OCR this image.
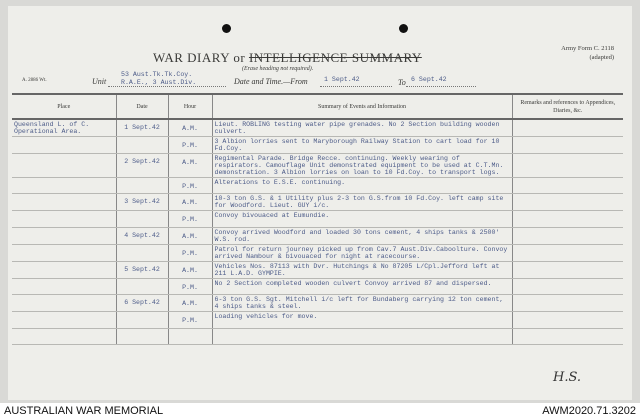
WAR DIARY or INTELLIGENCE SUMMARY
(Erase heading not required).
Army Form C. 2118
(adapted)
A. 2886 Wt.	Unit
53 Aust.Tk.Tk.Coy.
R.A.E., 3 Aust.Div.	Date and Time.—From 1 Sept.42	To 6 Sept.42
Place	Date	Hour	Summary of Events and Information	Remarks and references to Appendices, Diaries, &c.
Queensland L. of C. Operational Area.	1 Sept.42	A.M.	Lieut. ROBLING testing water pipe grenades. No 2 Section building wooden culvert.	
		P.M.	3 Albion lorries sent to Maryborough Railway Station to cart load for 10 Fd.Coy.	
	2 Sept.42	A.M.	Regimental Parade. Bridge Recce. continuing. Weekly wearing of respirators. Camouflage Unit demonstrated equipment to be used at C.T.Mn. demonstration. 3 Albion lorries on loan to 10 Fd.Coy. to transport logs.	
		P.M.	Alterations to E.S.E. continuing.	
	3 Sept.42	A.M.	10-3 ton G.S. & 1 Utility plus 2-3 ton G.S.from 10 Fd.Coy. left camp site for Woodford. Lieut. GUY i/c.	
		P.M.	Convoy bivouaced at Eumundie.	
	4 Sept.42	A.M.	Convoy arrived Woodford and loaded 30 tons cement, 4 ships tanks & 2500' W.S. rod.	
		P.M.	Patrol for return journey picked up from Cav.7 Aust.Div.Caboolture. Convoy arrived Nambour & bivouaced for night at racecourse.	
	5 Sept.42	A.M.	Vehicles Nos. 87113 with Dvr. Hutchings & No 87205 L/Cpl.Jefford left at 211 L.A.D. GYMPIE.	
		P.M.	No 2 Section completed wooden culvert Convoy arrived 87 and dispersed.	
	6 Sept.42	A.M.	6-3 ton G.S. Sgt. Mitchell i/c left for Bundaberg carrying 12 ton cement, 4 ships tanks & steel.	
		P.M.	Loading vehicles for move.	

H.S.
AUSTRALIAN WAR MEMORIAL	AWM2020.71.3202
